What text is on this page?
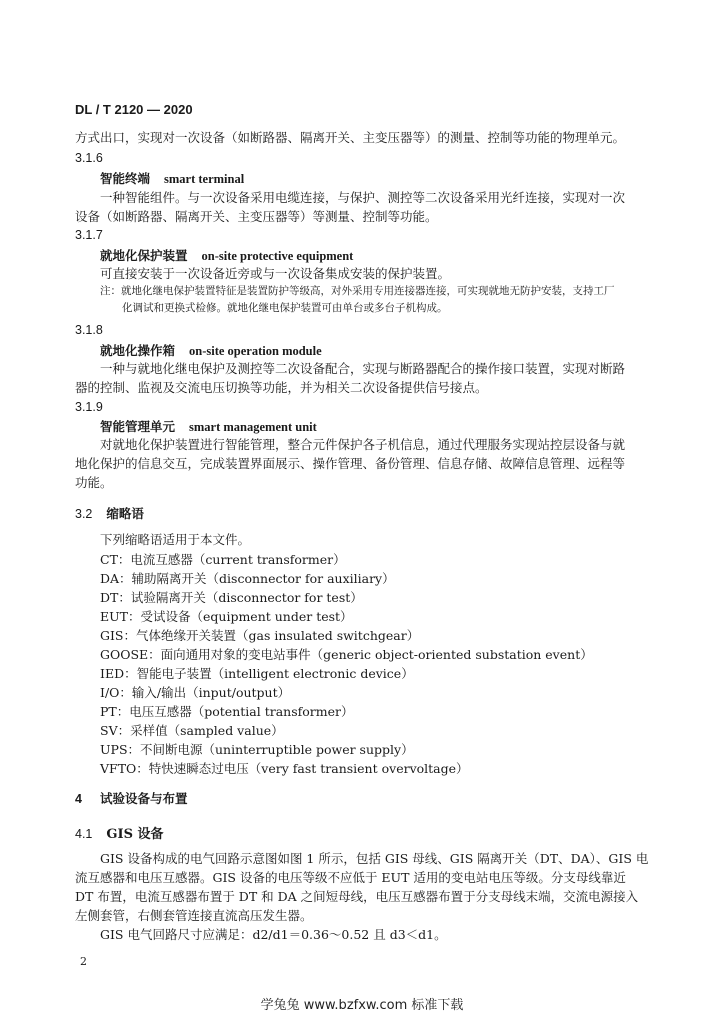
DL / T 2120 — 2020
方式出口，实现对一次设备（如断路器、隔离开关、主变压器等）的测量、控制等功能的物理单元。
3.1.6
智能终端 smart terminal
一种智能组件。与一次设备采用电缆连接，与保护、测控等二次设备采用光纤连接，实现对一次
设备（如断路器、隔离开关、主变压器等）等测量、控制等功能。
3.1.7
就地化保护装置 on-site protective equipment
可直接安装于一次设备近旁或与一次设备集成安装的保护装置。
注：就地化继电保护装置特征是装置防护等级高，对外采用专用连接器连接，可实现就地无防护安装，支持工厂
化调试和更换式检修。就地化继电保护装置可由单台或多台子机构成。
3.1.8
就地化操作箱 on-site operation module
一种与就地化继电保护及测控等二次设备配合，实现与断路器配合的操作接口装置，实现对断路
器的控制、监视及交流电压切换等功能，并为相关二次设备提供信号接点。
3.1.9
智能管理单元 smart management unit
对就地化保护装置进行智能管理，整合元件保护各子机信息，通过代理服务实现站控层设备与就
地化保护的信息交互，完成装置界面展示、操作管理、备份管理、信息存储、故障信息管理、远程等
功能。
3.2 缩略语
下列缩略语适用于本文件。
CT：电流互感器（current transformer）
DA：辅助隔离开关（disconnector for auxiliary）
DT：试验隔离开关（disconnector for test）
EUT：受试设备（equipment under test）
GIS：气体绝缘开关装置（gas insulated switchgear）
GOOSE：面向通用对象的变电站事件（generic object-oriented substation event）
IED：智能电子装置（intelligent electronic device）
I/O：输入/输出（input/output）
PT：电压互感器（potential transformer）
SV：采样值（sampled value）
UPS：不间断电源（uninterruptible power supply）
VFTO：特快速瞬态过电压（very fast transient overvoltage）
4 试验设备与布置
4.1 GIS 设备
GIS 设备构成的电气回路示意图如图 1 所示，包括 GIS 母线、GIS 隔离开关（DT、DA）、GIS 电
流互感器和电压互感器。GIS 设备的电压等级不应低于 EUT 适用的变电站电压等级。分支母线靠近
DT 布置，电流互感器布置于 DT 和 DA 之间短母线，电压互感器布置于分支母线末端，交流电源接入
左侧套管，右侧套管连接直流高压发生器。
GIS 电气回路尺寸应满足：d2/d1＝0.36～0.52 且 d3＜d1。
2
学兔兔 www.bzfxw.com 标准下载
